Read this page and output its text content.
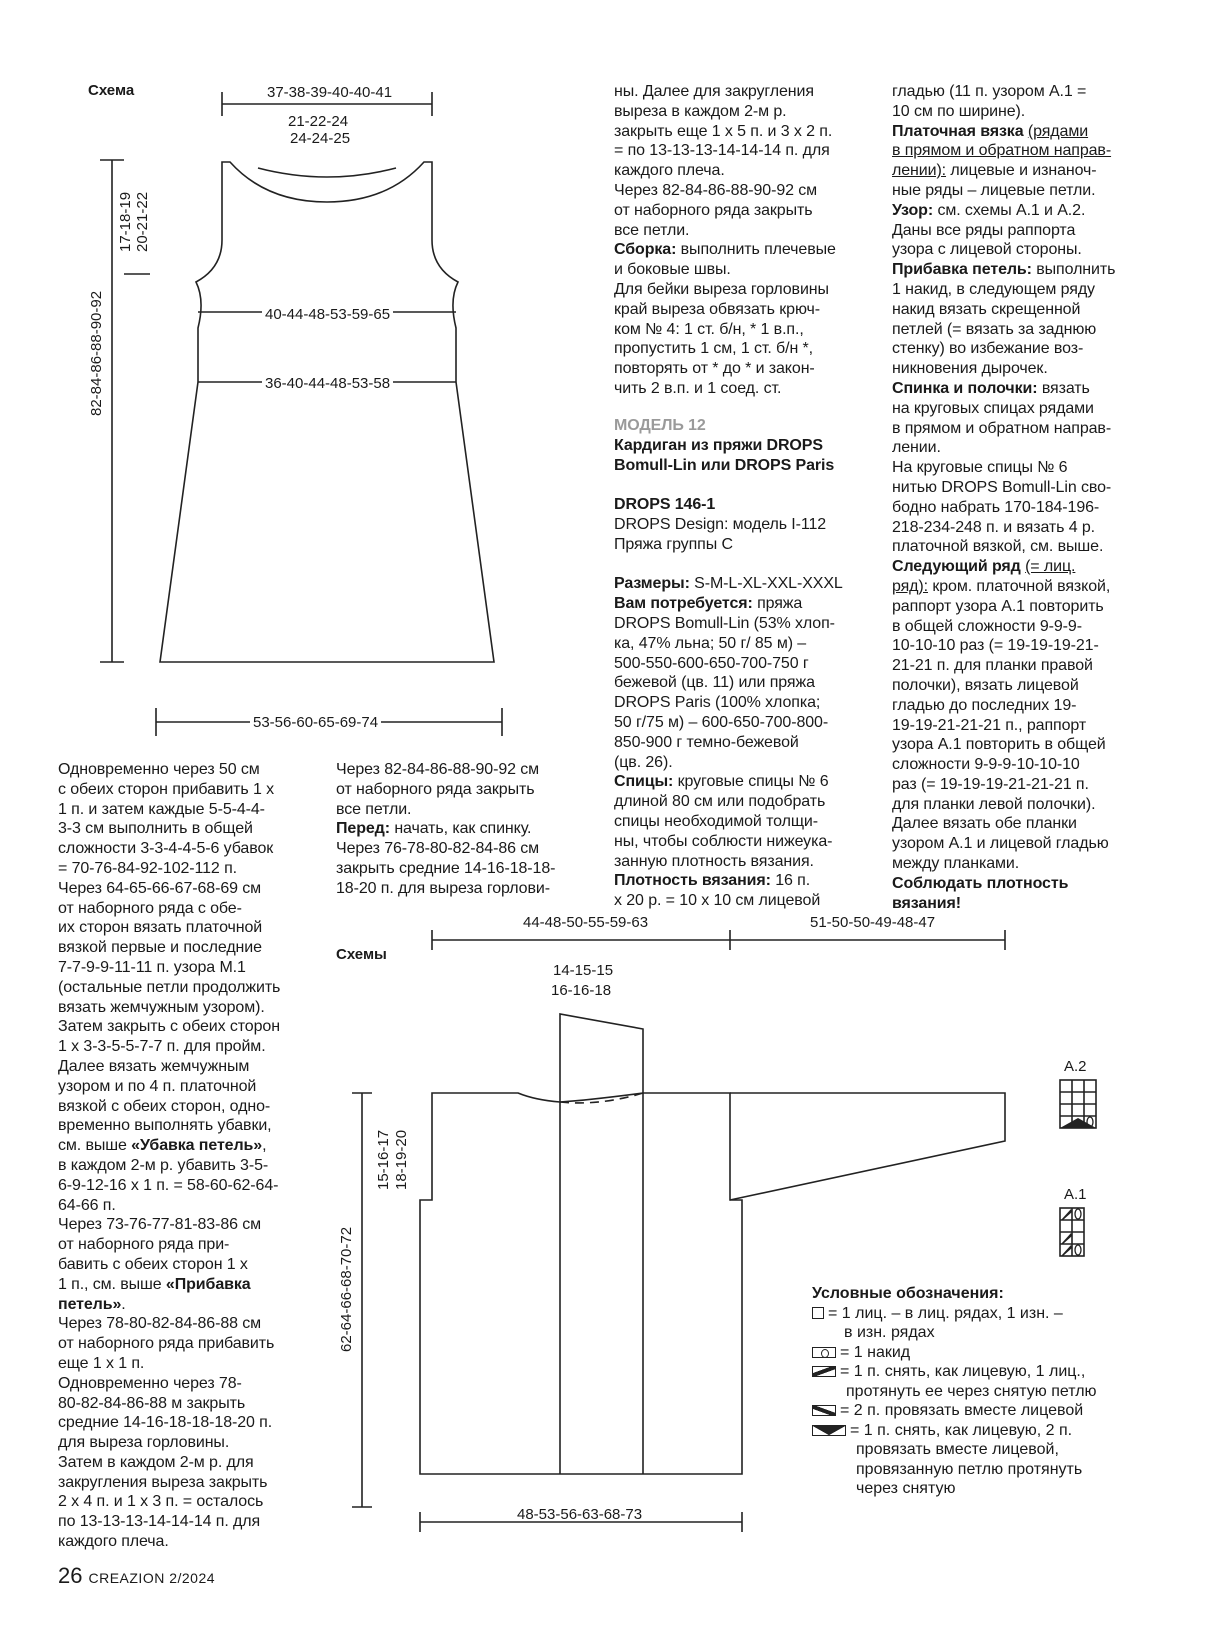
Схема	37-38-39-40-40-41
21-22-24
24-24-25
17-18-19 20-21-22
82-84-86-88-90-92	40-44-48-53-59-65
36-40-44-48-53-58
53-56-60-65-69-74
Одновременно через 50 см
с обеих сторон прибавить 1 х
1 п. и затем каждые 5-5-4-4-
3-3 см выполнить в общей
сложности 3-3-4-4-5-6 убавок
= 70-76-84-92-102-112 п.
Через 64-65-66-67-68-69 см
от наборного ряда с обе-
их сторон вязать платочной
вязкой первые и последние
7-7-9-9-11-11 п. узора М.1
(остальные петли продолжить
вязать жемчужным узором).
Затем закрыть с обеих сторон
1 х 3-3-5-5-7-7 п. для пройм.
Далее вязать жемчужным
узором и по 4 п. платочной
вязкой с обеих сторон, одно-
временно выполнять убавки,
см. выше «Убавка петель»,
в каждом 2-м р. убавить 3-5-
6-9-12-16 х 1 п. = 58-60-62-64-
64-66 п.
Через 73-76-77-81-83-86 см
от наборного ряда при-
бавить с обеих сторон 1 х
1 п., см. выше «Прибавка
петель».
Через 78-80-82-84-86-88 см
от наборного ряда прибавить
еще 1 х 1 п.
Одновременно через 78-
80-82-84-86-88 м закрыть
средние 14-16-18-18-18-20 п.
для выреза горловины.
Затем в каждом 2-м р. для
закругления выреза закрыть
2 х 4 п. и 1 х 3 п. = осталось
по 13-13-13-14-14-14 п. для
каждого плеча.
Через 82-84-86-88-90-92 см
от наборного ряда закрыть
все петли.
Перед: начать, как спинку.
Через 76-78-80-82-84-86 см
закрыть средние 14-16-18-18-
18-20 п. для выреза горлови-
ны. Далее для закругления
выреза в каждом 2-м р.
закрыть еще 1 х 5 п. и 3 х 2 п.
= по 13-13-13-14-14-14 п. для
каждого плеча.
Через 82-84-86-88-90-92 см
от наборного ряда закрыть
все петли.
Сборка: выполнить плечевые
и боковые швы.
Для бейки выреза горловины
край выреза обвязать крюч-
ком № 4: 1 ст. б/н, * 1 в.п.,
пропустить 1 см, 1 ст. б/н *,
повторять от * до * и закон-
чить 2 в.п. и 1 соед. ст.
МОДЕЛЬ 12
Кардиган из пряжи DROPS
Bomull-Lin или DROPS Paris

DROPS 146-1
DROPS Design: модель I-112
Пряжа группы С

Размеры: S-M-L-XL-XXL-XXXL
Вам потребуется: пряжа
DROPS Bomull-Lin (53% хлоп-
ка, 47% льна; 50 г/ 85 м) –
500-550-600-650-700-750 г
бежевой (цв. 11) или пряжа
DROPS Paris (100% хлопка;
50 г/75 м) – 600-650-700-800-
850-900 г темно-бежевой
(цв. 26).
Спицы: круговые спицы № 6
длиной 80 см или подобрать
спицы необходимой толщи-
ны, чтобы соблюсти нижеука-
занную плотность вязания.
Плотность вязания: 16 п.
х 20 р. = 10 х 10 см лицевой
гладью (11 п. узором А.1 =
10 см по ширине).
Платочная вязка (рядами
в прямом и обратном направ-
лении): лицевые и изнаноч-
ные ряды – лицевые петли.
Узор: см. схемы А.1 и А.2.
Даны все ряды раппорта
узора с лицевой стороны.
Прибавка петель: выполнить
1 накид, в следующем ряду
накид вязать скрещенной
петлей (= вязать за заднюю
стенку) во избежание воз-
никновения дырочек.
Спинка и полочки: вязать
на круговых спицах рядами
в прямом и обратном направ-
лении.
На круговые спицы № 6
нитью DROPS Bomull-Lin сво-
бодно набрать 170-184-196-
218-234-248 п. и вязать 4 р.
платочной вязкой, см. выше.
Следующий ряд (= лиц.
ряд): кром. платочной вязкой,
раппорт узора А.1 повторить
в общей сложности 9-9-9-
10-10-10 раз (= 19-19-19-21-
21-21 п. для планки правой
полочки), вязать лицевой
гладью до последних 19-
19-19-21-21-21 п., раппорт
узора А.1 повторить в общей
сложности 9-9-9-10-10-10
раз (= 19-19-19-21-21-21 п.
для планки левой полочки).
Далее вязать обе планки
узором А.1 и лицевой гладью
между планками.
Соблюдать плотность
вязания!
Схемы
44-48-50-55-59-63	51-50-50-49-48-47
14-15-15
16-16-18
15-16-17 18-19-20
62-64-66-68-70-72
48-53-56-63-68-73
A.2
A.1
Условные обозначения:
= 1 лиц. – в лиц. рядах, 1 изн. –
в изн. рядах
= 1 накид
= 1 п. снять, как лицевую, 1 лиц.,
протянуть ее через снятую петлю
= 2 п. провязать вместе лицевой
= 1 п. снять, как лицевую, 2 п.
провязать вместе лицевой,
провязанную петлю протянуть
через снятую
26 CREAZION 2/2024
